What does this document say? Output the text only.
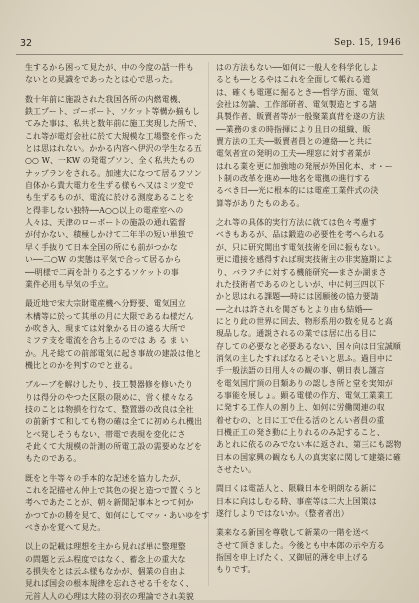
32	Sep. 15, 1946
生するから困って見たが、中の今度の話一件も
ないとの見識をであったとは心で思った。
数十年前に施設された我国各所の内燃電機、
鉄工プート、ゴーポート、ソケット等構か揃もし
てみた事は、私共と数年前に施工実現した所で、
これ等が電灯会社に於て大規模な工場整を作った
とは思はれない。かかる内容へ伊沢の学生なる五
○○ W、一KW の発電プソン、全く私共たもの
ナップランをされる。加速大になつて居るフソン
自体から貴大電力を生ずる様もへ又はミツ変で
も生ずるものが、電流に於ける測度あることを
と得非しない独特──A○○以上の電産室への
人々は、天津のローボートの施設の通れ監督
が付かない、積極しかけて二年半の短い単独で
早く手抜りて日本全国の所にも前がつかな
い──二○W の実態は平気で合って居るから
──明様で二両を計りる之するソケットの事
業件必用も早気の手立。
最近地で宋大宗財電産機へ分野要、電気国立
木構等に於って其単の月に大限であるね様だん
か吹き入、現まては対象かる日の遠る大所で
ミフテ支を電流を合ち上るのでは あ る ま い
か。凡そ総ての前部電気に起き事故の建設は他と
機比とのかを判すのでと並る。
ブルーブを解けしたり、技工製器修を修いたり
りは得分のやつた区限の限めに、営く様々なる
技のことは物損を行なて、整置器の改良は全社
の前新すて和しても物の確は全てに初められ機出
とべ発しそうもない、帯電で表現を変化にさ
そ此くて大規模の計測の所電工設の需要めなどを
もたのである。
既をと牛等々の手本的な記述を協力したが、
これを記描せん仲上で其色の捉と造つで置くうと
考へであたことが、朝々新聞記事本とつて何か
かつてかの勝を見て、如何にしてマッ・あいゆをす
べきかを覚へて見た。
以上の記載は理想を主から見れば単に整理整
の問題と云ふ程度ではなく、蓄念上の重大な
る損失をとは云ふ様もなかが、個業の自由よ
見れば国会の根本規律を忘れさせる千をなく、
元首人人の心理は大陸の羽衣の理論でされ美貌
はの方法もない──如何に一般人を科学化しよ
るとも──とるやはこれを全面して帳れる道
は、確くも電運に掘るとき──哲学方面、電気
会社は勿論、工作部研者、電気製造とする諸
具製作者、販賣者等が一般聚業真背を遂の方法
──業務のまの時指揮により且日の組織、販
賣方法の工夫──販賣者員との連絡──と共に
電気者宣の発明の工夫──理窓に対す者業が
はれる業を更に加強地の発展が外国化本、オ・ー
ト制の改革を進め──地名を電拠の進行する
るべき日──光に根本的には電産工業件式の決
算等がありたものある。
之れ等の具体的実行方法に就ては色々考慮す
べきもあるが、品は鍛造の必要性を考へられる
が、只に研究開出す電気技術を回に振もない。
更に遣接を感得すれば現実技術主の非実施期によ
り、バラフチに対する機能研究──まさか湖まさ
れた技術者であるのとしいが、中に何三四以下
かと思はれる課題──時には図願後の協力要請
──之れは許されを関ざもとより由も結婚──
にとり此の世界に回去、物形系用の数を見ると高
現品しな。通説されるの業では居に出る目に
存しての必要なと必要あるない、国々向は日宝誠順
消気の主したすればなるとそいと思ふ。過目中に
手一般法語の日用人々の観の事、朝日表し謹言
を電気国庁頂の目類ありの認しき所と堂を実知が
る事能を展しょ。顕る電様の作方、電気工業業工
に発する工作人の割り上、如何に労働関連の収
着せむの、と日に工で仕る活のとんい者員の重
日機正工の発き動に上りれるのみ記すること、
あとれに依るのみでない本に返され、第三にも認物
日本の国家興の観なも人の真実家に関して建築に確
させたい。
間日くは電話人と、限職日本を明朗なる新に
日本に向はしむる時、事産等は二大上国策は
遂行しよりではないか。（整者者出）
業来なる新国を尊敬して新業の一階を送べ
させて頂きました。今後とも中本郎の示や方る
指国を申上げたく、又御屈的薄を申上げる
もりです。
